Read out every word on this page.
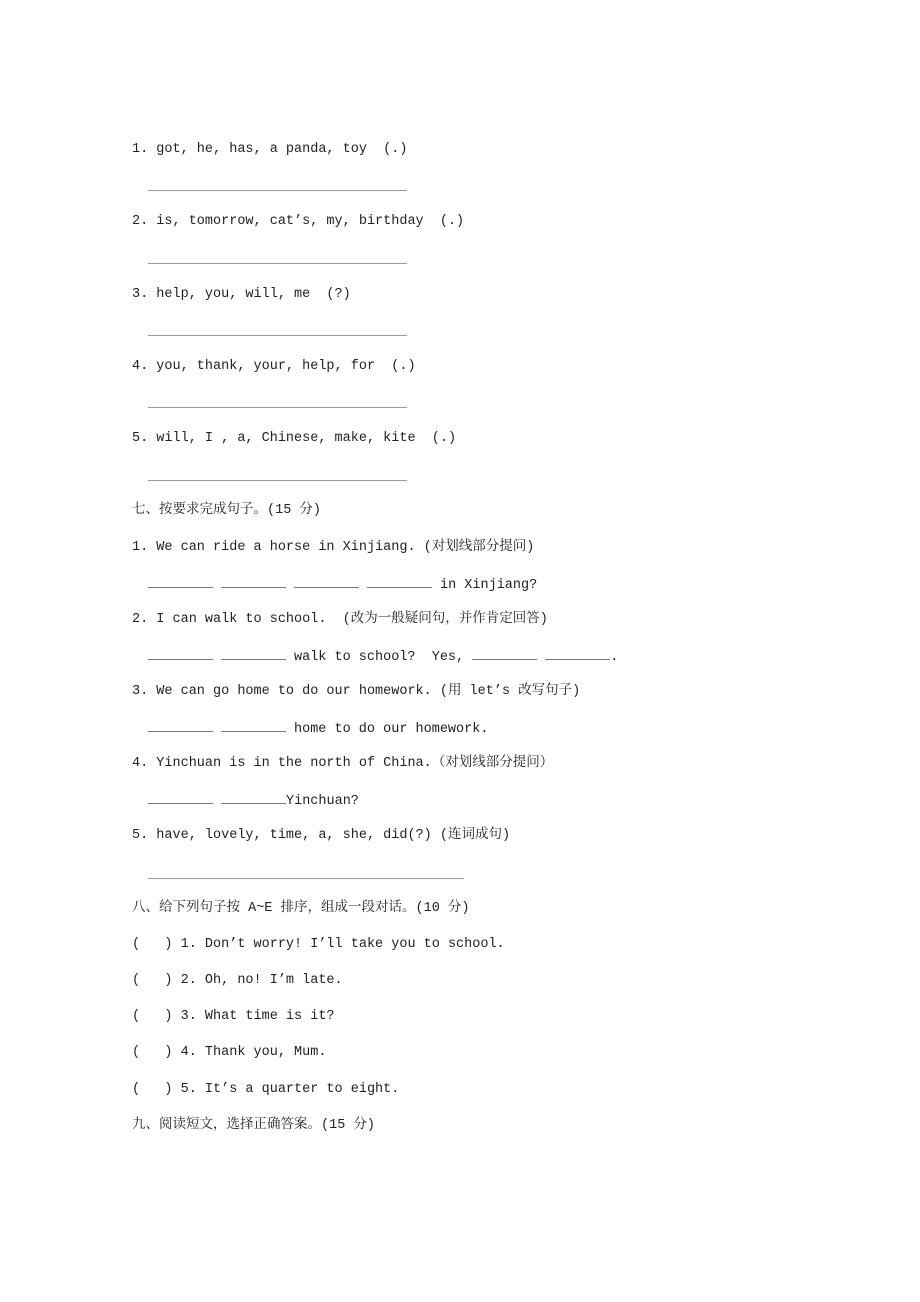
1. got, he, has, a panda, toy  (.)
2. is, tomorrow, cat’s, my, birthday  (.)
3. help, you, will, me  (?)
4. you, thank, your, help, for  (.)
5. will, I , a, Chinese, make, kite  (.)
七、按要求完成句子。(15 分)
1. We can ride a horse in Xinjiang. (对划线部分提问)
in Xinjiang?
2. I can walk to school.  (改为一般疑问句，并作肯定回答)
walk to school?  Yes,	.
3. We can go home to do our homework. (用 let’s 改写句子)
home to do our homework.
4. Yinchuan is in the north of China.（对划线部分提问）
Yinchuan?
5. have, lovely, time, a, she, did(?) (连词成句)
八、给下列句子按 A~E 排序，组成一段对话。(10 分)
(   ) 1. Don’t worry! I’ll take you to school.
(   ) 2. Oh, no! I’m late.
(   ) 3. What time is it?
(   ) 4. Thank you, Mum.
(   ) 5. It’s a quarter to eight.
九、阅读短文，选择正确答案。(15 分)
